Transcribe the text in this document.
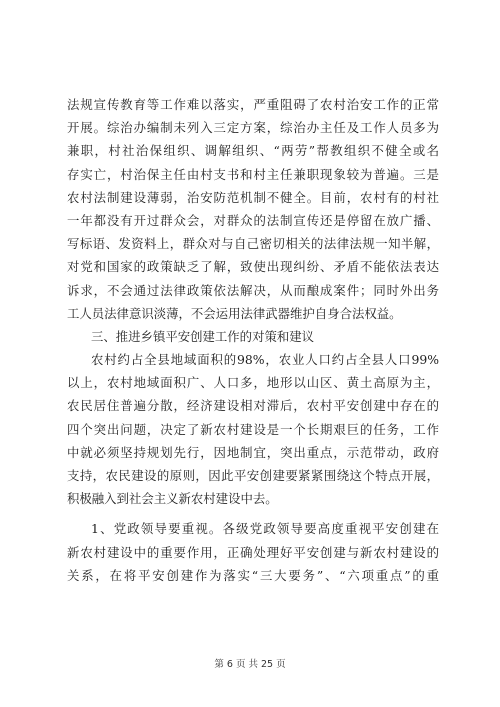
法规宣传教育等工作难以落实，严重阻碍了农村治安工作的正常
开展。综治办编制未列入三定方案，综治办主任及工作人员多为
兼职，村社治保组织、调解组织、“两劳”帮教组织不健全或名
存实亡，村治保主任由村支书和村主任兼职现象较为普遍。三是
农村法制建设薄弱，治安防范机制不健全。目前，农村有的村社
一年都没有开过群众会，对群众的法制宣传还是停留在放广播、
写标语、发资料上，群众对与自己密切相关的法律法规一知半解，
对党和国家的政策缺乏了解，致使出现纠纷、矛盾不能依法表达
诉求，不会通过法律政策依法解决，从而酿成案件；同时外出务
工人员法律意识淡薄，不会运用法律武器维护自身合法权益。
三、推进乡镇平安创建工作的对策和建议
农村约占全县地域面积的98%，农业人口约占全县人口99%
以上，农村地域面积广、人口多，地形以山区、黄土高原为主，
农民居住普遍分散，经济建设相对滞后，农村平安创建中存在的
四个突出问题，决定了新农村建设是一个长期艰巨的任务，工作
中就必须坚持规划先行，因地制宜，突出重点，示范带动，政府
支持，农民建设的原则，因此平安创建要紧紧围绕这个特点开展，
积极融入到社会主义新农村建设中去。
1、党政领导要重视。各级党政领导要高度重视平安创建在
新农村建设中的重要作用，正确处理好平安创建与新农村建设的
关系，在将平安创建作为落实“三大要务”、“六项重点”的重
第 6 页 共 25 页
